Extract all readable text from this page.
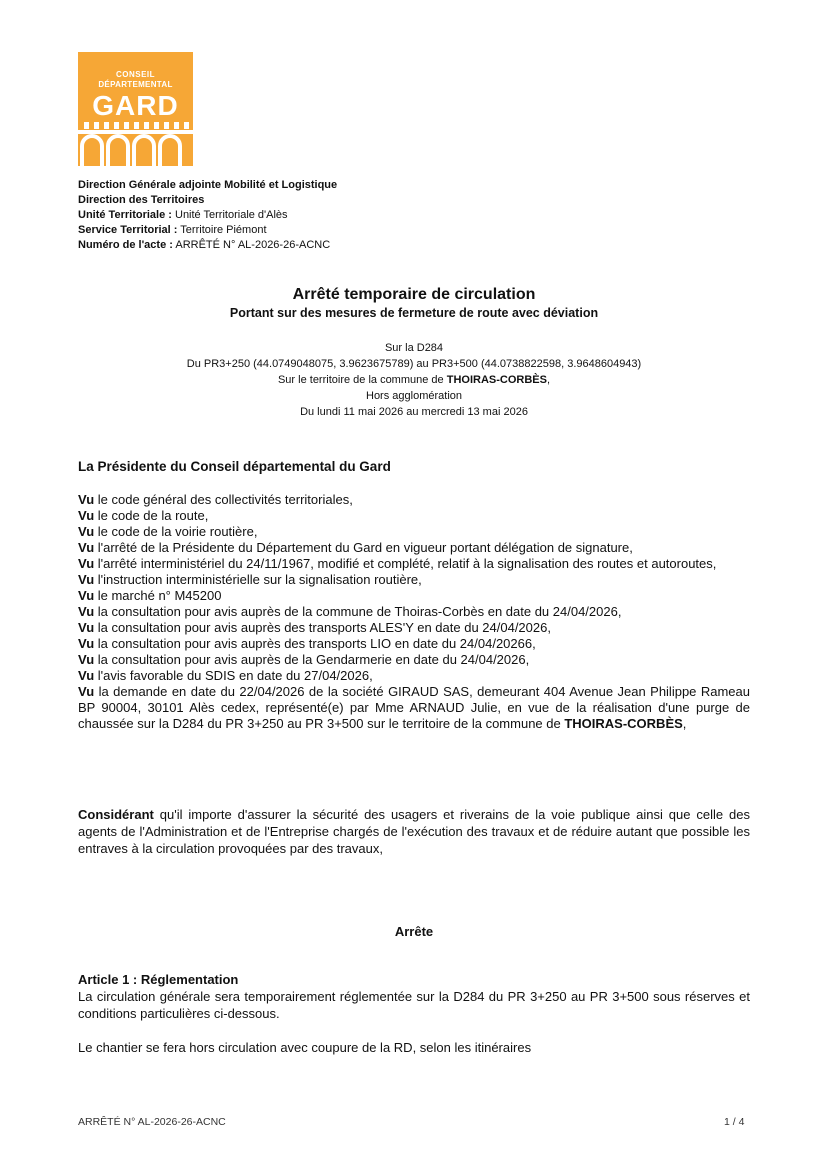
CONSEIL
DÉPARTEMENTAL
GARD
Direction Générale adjointe Mobilité et Logistique
Direction des Territoires
Unité Territoriale : Unité Territoriale d'Alès
Service Territorial : Territoire Piémont
Numéro de l'acte : ARRÊTÉ N° AL-2026-26-ACNC
Arrêté temporaire de circulation
Portant sur des mesures de fermeture de route avec déviation
Sur la D284
Du PR3+250 (44.0749048075, 3.9623675789) au PR3+500 (44.0738822598, 3.9648604943)
Sur le territoire de la commune de THOIRAS-CORBÈS,
Hors agglomération
Du lundi 11 mai 2026 au mercredi 13 mai 2026
La Présidente du Conseil départemental du Gard

Vu le code général des collectivités territoriales,

Vu le code de la route,

Vu le code de la voirie routière,

Vu l'arrêté de la Présidente du Département du Gard en vigueur portant délégation de signature,

Vu l'arrêté interministériel du 24/11/1967, modifié et complété, relatif à la signalisation des routes et autoroutes,

Vu l'instruction interministérielle sur la signalisation routière,

Vu le marché n° M45200

Vu la consultation pour avis auprès de la commune de Thoiras-Corbès en date du 24/04/2026,

Vu la consultation pour avis auprès des transports ALES'Y en date du 24/04/2026,

Vu la consultation pour avis auprès des transports LIO en date du 24/04/20266,

Vu la consultation pour avis auprès de la Gendarmerie en date du 24/04/2026,

Vu l'avis favorable du SDIS en date du 27/04/2026,

Vu la demande en date du 22/04/2026 de la société GIRAUD SAS, demeurant 404 Avenue Jean Philippe Rameau BP 90004, 30101 Alès cedex, représenté(e) par Mme ARNAUD Julie, en vue de la réalisation d'une purge de chaussée sur la D284 du PR 3+250 au PR 3+500 sur le territoire de la commune de THOIRAS-CORBÈS,

Considérant qu'il importe d'assurer la sécurité des usagers et riverains de la voie publique ainsi que celle des agents de l'Administration et de l'Entreprise chargés de l'exécution des travaux et de réduire autant que possible les entraves à la circulation provoquées par des travaux,
Arrête

Article 1 : Réglementation

La circulation générale sera temporairement réglementée sur la D284 du PR 3+250 au PR 3+500 sous réserves et conditions particulières ci-dessous.

Le chantier se fera hors circulation avec coupure de la RD, selon les itinéraires

ARRÊTÉ N° AL-2026-26-ACNC	1 / 4
